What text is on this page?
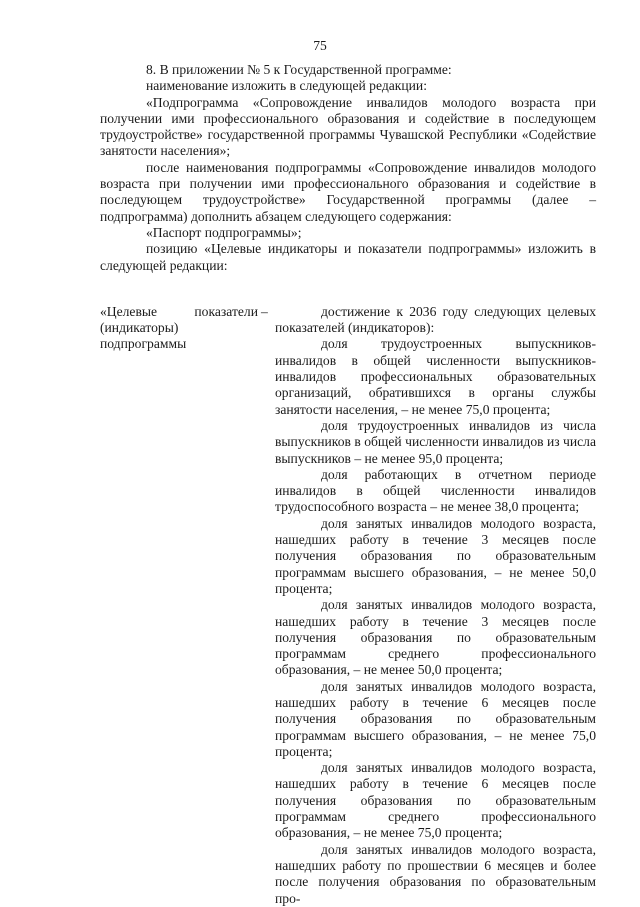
75

8. В приложении № 5 к Государственной программе:

наименование изложить в следующей редакции:

«Подпрограмма «Сопровождение инвалидов молодого возраста при получении ими профессионального образования и содействие в последующем трудоустройстве» государственной программы Чувашской Республики «Содействие занятости населения»;

после наименования подпрограммы «Сопровождение инвалидов молодого возраста при получении ими профессионального образования и содействие в последующем трудоустройстве» Государственной программы (далее – подпрограмма) дополнить абзацем следующего содержания:

«Паспорт подпрограммы»;

позицию «Целевые индикаторы и показатели подпрограммы» изложить в следующей редакции:

«Целевые показатели (индикаторы) подпрограммы
–	достижение к 2036 году следующих целевых показателей (индикаторов):

доля трудоустроенных выпускников-инвалидов в общей численности выпускников-инвалидов профессиональных образовательных организаций, обратившихся в органы службы занятости населения, – не менее 75,0 процента;

доля трудоустроенных инвалидов из числа выпускников в общей численности инвалидов из числа выпускников – не менее 95,0 процента;

доля работающих в отчетном периоде инвалидов в общей численности инвалидов трудоспособного возраста – не менее 38,0 процента;

доля занятых инвалидов молодого возраста, нашедших работу в течение 3 месяцев после получения образования по образовательным программам высшего образования, – не менее 50,0 процента;

доля занятых инвалидов молодого возраста, нашедших работу в течение 3 месяцев после получения образования по образовательным программам среднего профессионального образования, – не менее 50,0 процента;

доля занятых инвалидов молодого возраста, нашедших работу в течение 6 месяцев после получения образования по образовательным программам высшего образования, – не менее 75,0 процента;

доля занятых инвалидов молодого возраста, нашедших работу в течение 6 месяцев после получения образования по образовательным программам среднего профессионального образования, – не менее 75,0 процента;

доля занятых инвалидов молодого возраста, нашедших работу по прошествии 6 месяцев и более после получения образования по образовательным про-
